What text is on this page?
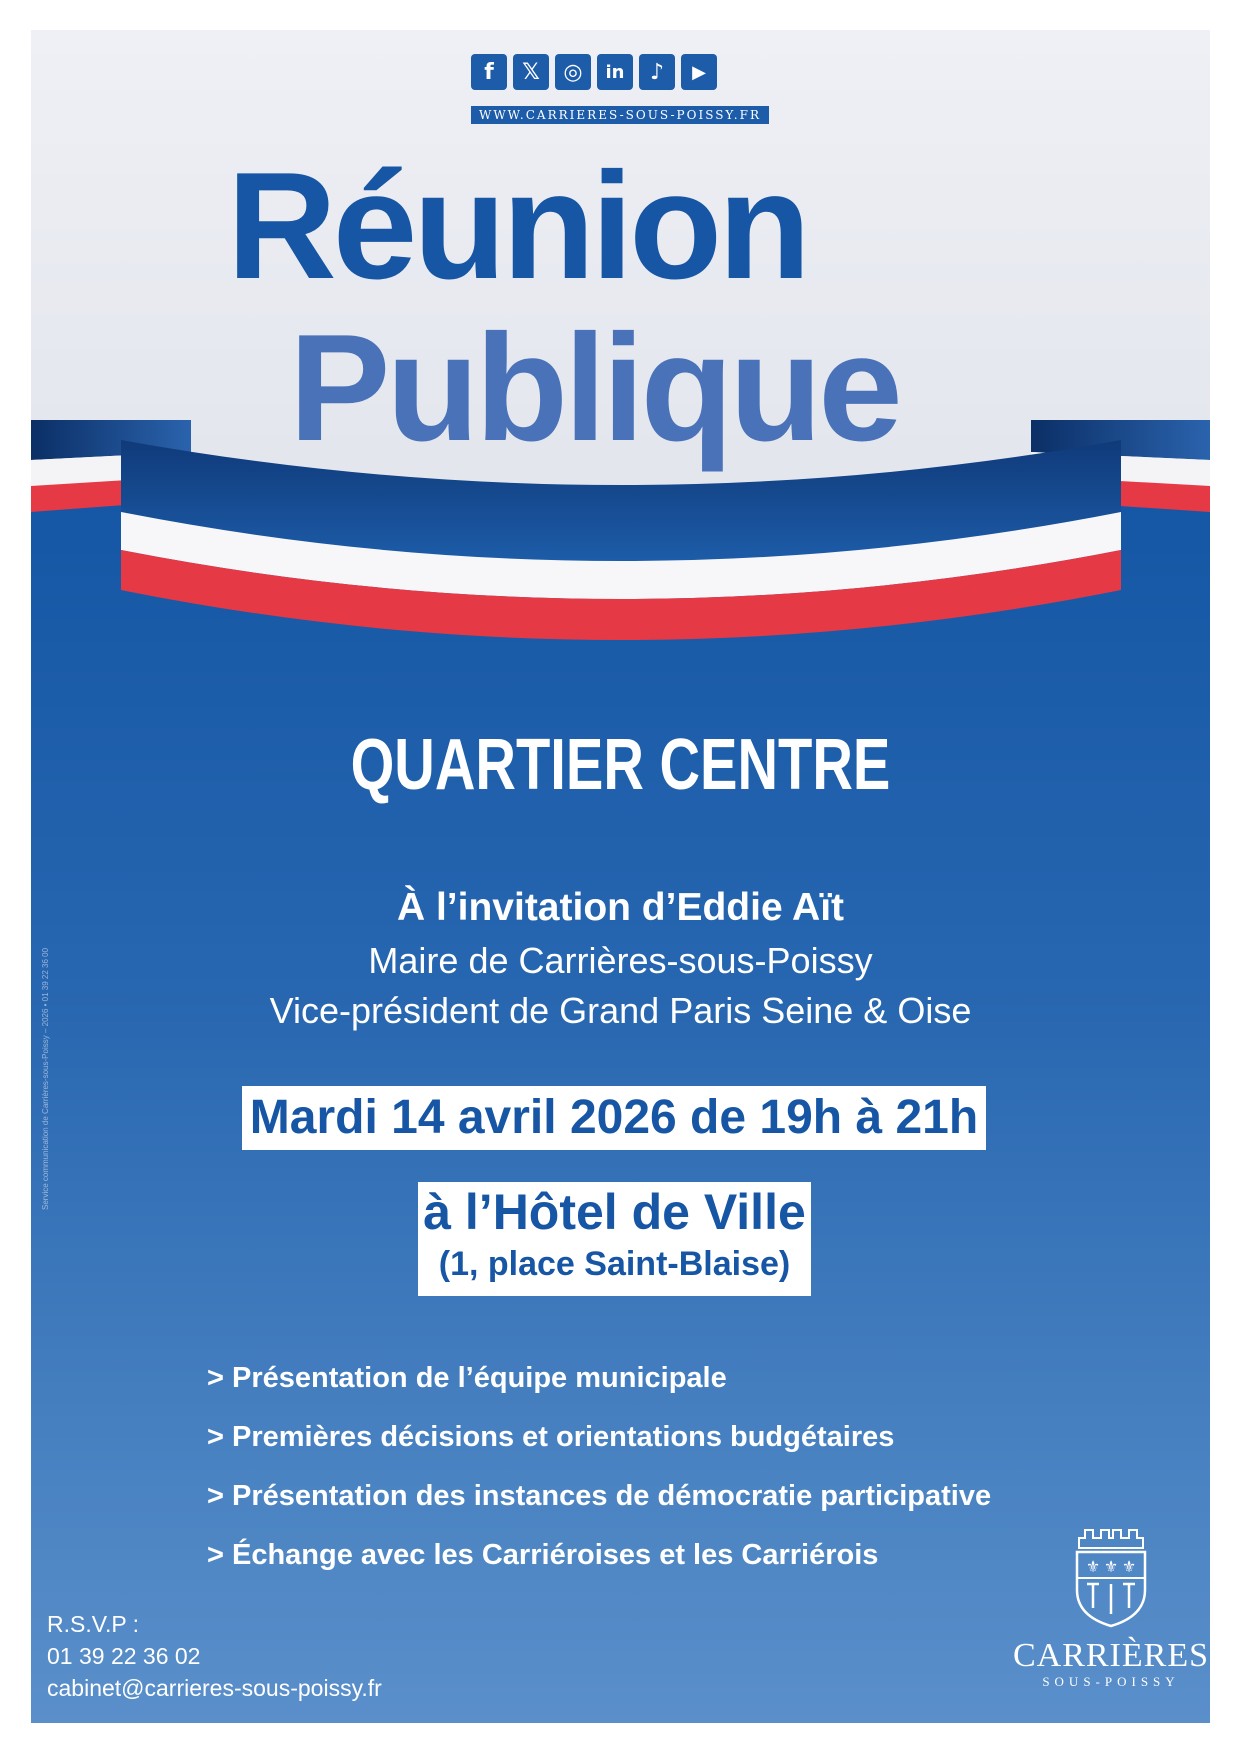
f	𝕏	◎	in	♪	▶
WWW.CARRIERES-SOUS-POISSY.FR
Réunion
Publique
QUARTIER CENTRE
À l’invitation d’Eddie Aït
Maire de Carrières-sous-Poissy
Vice-président de Grand Paris Seine & Oise
Mardi 14 avril 2026 de 19h à 21h
à l’Hôtel de Ville
(1, place Saint-Blaise)
> Présentation de l’équipe municipale
> Premières décisions et orientations budgétaires
> Présentation des instances de démocratie participative
> Échange avec les Carriéroises et les Carriérois
Service communication de Carrières-sous-Poissy – 2026 • 01 39 22 36 00
R.S.V.P :
01 39 22 36 02
cabinet@carrieres-sous-poissy.fr
⚜ ⚜ ⚜
CARRIÈRES
SOUS-POISSY
